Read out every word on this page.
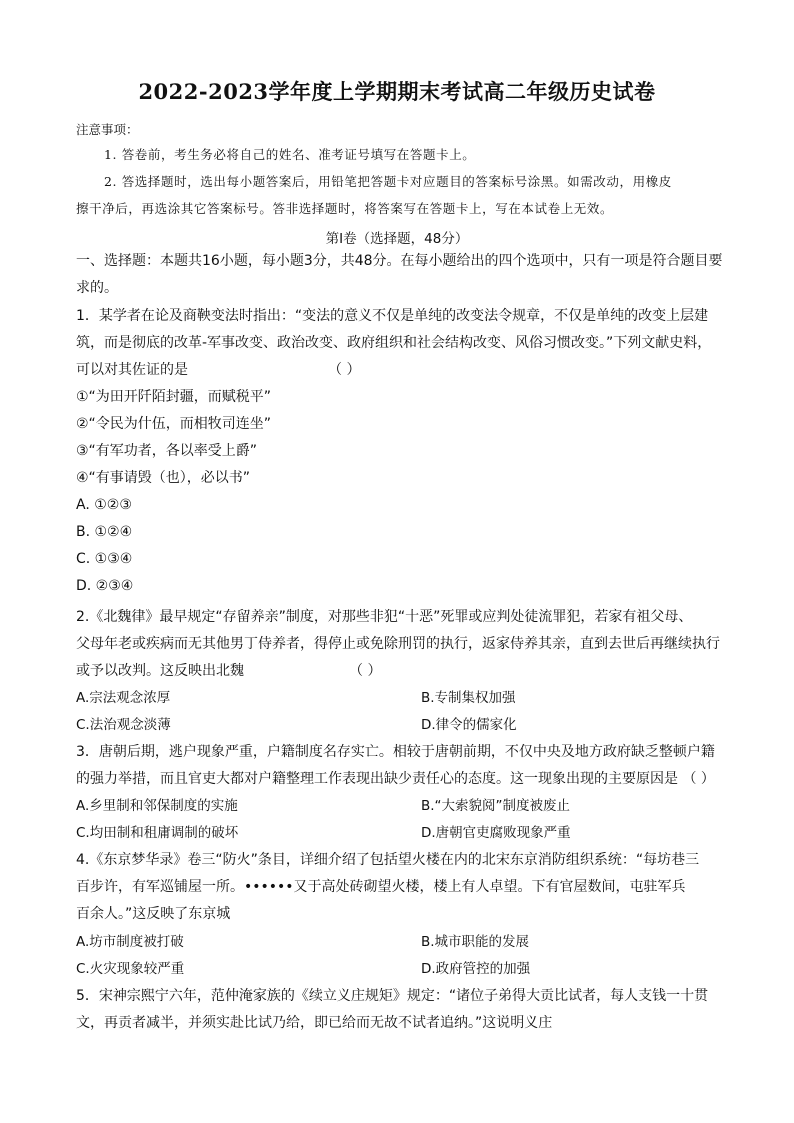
2022-2023学年度上学期期末考试高二年级历史试卷
注意事项：
1. 答卷前，考生务必将自己的姓名、准考证号填写在答题卡上。
2. 答选择题时，选出每小题答案后，用铅笔把答题卡对应题目的答案标号涂黑。如需改动，用橡皮
擦干净后，再选涂其它答案标号。答非选择题时，将答案写在答题卡上，写在本试卷上无效。
第I卷（选择题，48分）

一、选择题：本题共16小题，每小题3分，共48分。在每小题给出的四个选项中，只有一项是符合题目要

求的。

1．某学者在论及商鞅变法时指出：“变法的意义不仅是单纯的改变法令规章，不仅是单纯的改变上层建

筑，而是彻底的改革-军事改变、政治改变、政府组织和社会结构改变、风俗习惯改变。”下列文献史料，

可以对其佐证的是	（ ）

①“为田开阡陌封疆，而赋税平”

②“令民为什伍，而相牧司连坐”

③“有军功者，各以率受上爵”

④“有事请毁（也），必以书”

A. ①②③

B. ①②④

C. ①③④

D. ②③④

2.《北魏律》最早规定“存留养亲”制度，对那些非犯“十恶”死罪或应判处徒流罪犯，若家有祖父母、

父母年老或疾病而无其他男丁侍养者，得停止或免除刑罚的执行，返家侍养其亲，直到去世后再继续执行

或予以改判。这反映出北魏	（ ）

A.宗法观念浓厚	B.专制集权加强
C.法治观念淡薄	D.律令的儒家化

3．唐朝后期，逃户现象严重，户籍制度名存实亡。相较于唐朝前期，不仅中央及地方政府缺乏整顿户籍

的强力举措，而且官吏大都对户籍整理工作表现出缺少责任心的态度。这一现象出现的主要原因是 （ ）

A.乡里制和邻保制度的实施	B.“大索貌阅”制度被废止
C.均田制和租庸调制的破坏	D.唐朝官吏腐败现象严重

4.《东京梦华录》卷三“防火”条目，详细介绍了包括望火楼在内的北宋东京消防组织系统：“每坊巷三

百步许，有军巡铺屋一所。••••••又于高处砖砌望火楼，楼上有人卓望。下有官屋数间，屯驻军兵

百余人。”这反映了东京城

A.坊市制度被打破	B.城市职能的发展
C.火灾现象较严重	D.政府管控的加强

5．宋神宗熙宁六年，范仲淹家族的《续立义庄规矩》规定：“诸位子弟得大贡比试者，每人支钱一十贯

文，再贡者减半，并须实赴比试乃给，即已给而无故不试者追纳。”这说明义庄
